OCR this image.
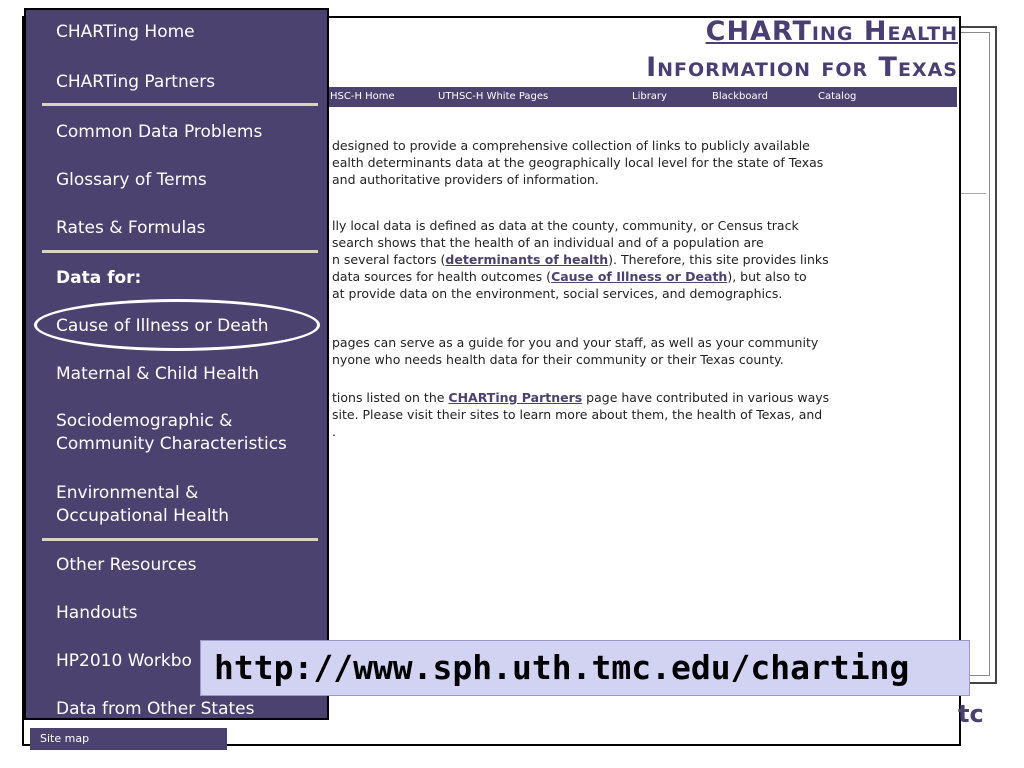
CHARTing Health
Information for Texas
HSC-H Home	UTHSC-H White Pages	Library	Blackboard	Catalog
designed to provide a comprehensive collection of links to publicly available
ealth determinants data at the geographically local level for the state of Texas
and authoritative providers of information.
lly local data is defined as data at the county, community, or Census track
search shows that the health of an individual and of a population are
n several factors (determinants of health). Therefore, this site provides links
data sources for health outcomes (Cause of Illness or Death), but also to
at provide data on the environment, social services, and demographics.
pages can serve as a guide for you and your staff, as well as your community
nyone who needs health data for their community or their Texas county.
tions listed on the CHARTing Partners page have contributed in various ways
site. Please visit their sites to learn more about them, the health of Texas, and
.
CHARTing Home
CHARTing Partners
Common Data Problems
Glossary of Terms
Rates & Formulas
Data for:
Cause of Illness or Death
Maternal & Child Health
Sociodemographic &
Community Characteristics
Environmental &
Occupational Health
Other Resources
Handouts
HP2010 Workbo
Data from Other States
Site map
http://www.sph.uth.tmc.edu/charting
tc
